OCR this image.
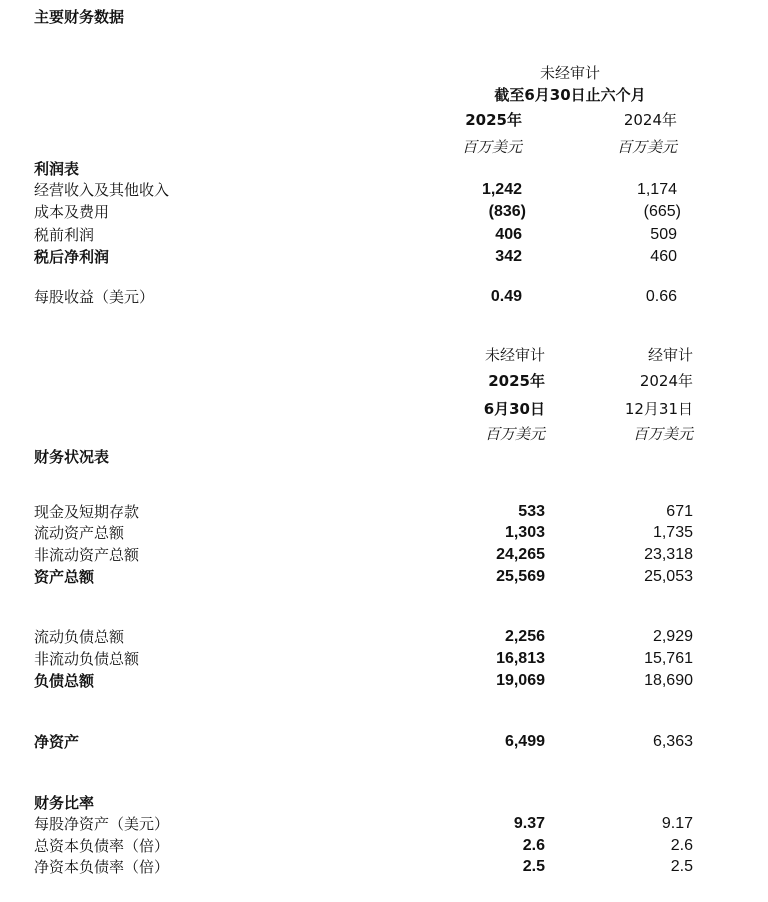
主要财务数据
未经审计
截至6月30日止六个月
2025年	2024年
百万美元	百万美元
利润表
经营收入及其他收入	1,242	1,174
成本及费用	(836)	(665)
税前利润	406	509
税后净利润	342	460
每股收益（美元）	0.49	0.66
未经审计	经审计
2025年	2024年
6月30日	12月31日
百万美元	百万美元
财务状况表
现金及短期存款	533	671
流动资产总额	1,303	1,735
非流动资产总额	24,265	23,318
资产总额	25,569	25,053
流动负债总额	2,256	2,929
非流动负债总额	16,813	15,761
负债总额	19,069	18,690
净资产	6,499	6,363
财务比率
每股净资产（美元）	9.37	9.17
总资本负债率（倍）	2.6	2.6
净资本负债率（倍）	2.5	2.5
